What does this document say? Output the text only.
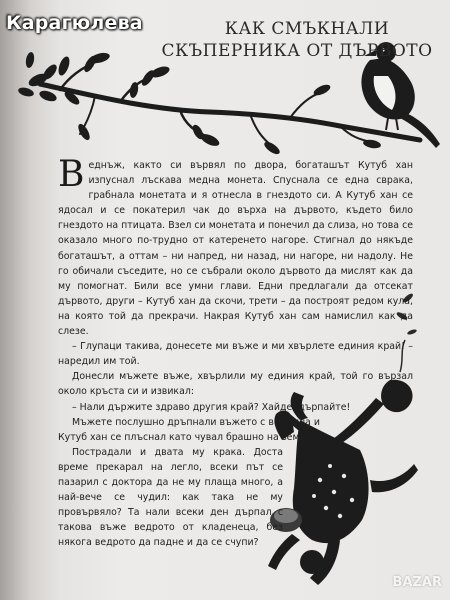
Карагюлева	КАК СМЪКНАЛИ
СКЪПЕРНИКА ОТ ДЪРВОТО

Веднъж, както си вървял по двора, богаташът Кутуб хан изпуснал лъскава медна монета. Спуснала се една сврака, грабнала монетата и я отнесла в гнездото си. А Кутуб хан се ядосал и се покатерил чак до върха на дървото, където било гнездото на птицата. Взел си монетата и понечил да слиза, но това се оказало много по-трудно от катеренето нагоре. Стигнал до някъде богаташът, а оттам – ни напред, ни назад, ни нагоре, ни надолу. Не го обичали съседите, но се събрали около дървото да мислят как да му помогнат. Били все умни глави. Едни предлагали да отсекат дървото, други – Кутуб хан да скочи, трети – да построят редом кула, на която той да прекрачи. Накрая Кутуб хан сам намислил как да слезе.

– Глупаци такива, донесете ми въже и ми хвърлете единия край! – наредил им той.

Донесли мъжете въже, хвърлили му единия край, той го вързал около кръста си и извикал:

– Нали държите здраво другия край? Хайде, дърпайте!

Мъжете послушно дръпнали въжето с все сила и Кутуб хан се плъснал като чувал брашно на земята.

Пострадали и двата му крака. Доста време прекарал на легло, всеки път се пазарил с доктора да не му плаща много, а най-вече се чудил: как така не му провървяло? Та нали всеки ден дърпал с такова въже ведрото от кладенеца, без някога ведрото да падне и да се счупи?

BAZAR
